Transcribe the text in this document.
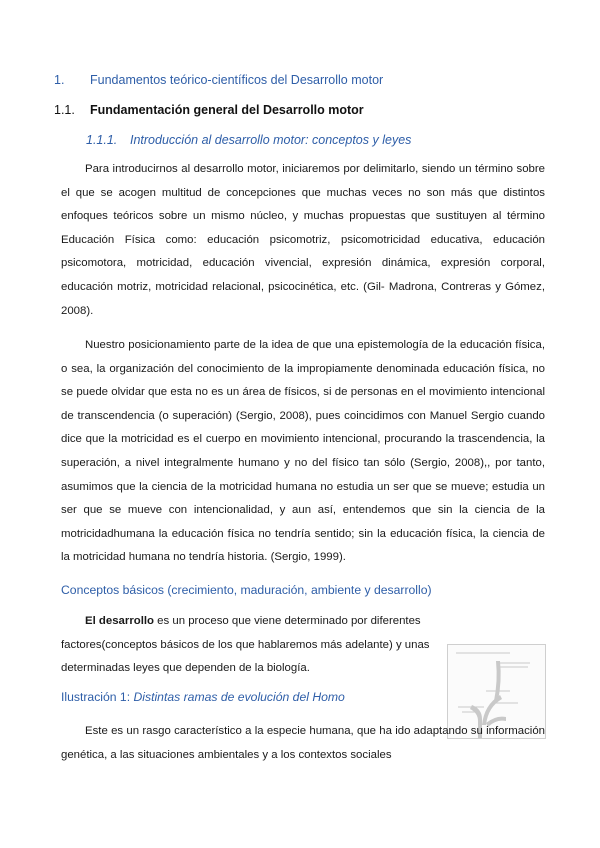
1. Fundamentos teórico-científicos del Desarrollo motor
1.1. Fundamentación general del Desarrollo motor
1.1.1. Introducción al desarrollo motor: conceptos y leyes

Para introducirnos al desarrollo motor, iniciaremos por delimitarlo, siendo un término sobre el que se acogen multitud de concepciones que muchas veces no son más que distintos enfoques teóricos sobre un mismo núcleo, y muchas propuestas que sustituyen al término Educación Física como: educación psicomotriz, psicomotricidad educativa, educación psicomotora, motricidad, educación vivencial, expresión dinámica, expresión corporal, educación motriz, motricidad relacional, psicocinética, etc. (Gil- Madrona, Contreras y Gómez, 2008).

Nuestro posicionamiento parte de la idea de que una epistemología de la educación física, o sea, la organización del conocimiento de la impropiamente denominada educación física, no se puede olvidar que esta no es un área de físicos, si de personas en el movimiento intencional de transcendencia (o superación) (Sergio, 2008), pues coincidimos con Manuel Sergio cuando dice que la motricidad es el cuerpo en movimiento intencional, procurando la trascendencia, la superación, a nivel integralmente humano y no del físico tan sólo (Sergio, 2008),, por tanto, asumimos que la ciencia de la motricidad humana no estudia un ser que se mueve; estudia un ser que se mueve con intencionalidad, y aun así, entendemos que sin la ciencia de la motricidadhumana la educación física no tendría sentido; sin la educación física, la ciencia de la motricidad humana no tendría historia. (Sergio, 1999).

Conceptos básicos (crecimiento, maduración, ambiente y desarrollo)

El desarrollo es un proceso que viene determinado por diferentes factores(conceptos básicos de los que hablaremos más adelante) y unas determinadas leyes que dependen de la biología.

Ilustración 1: Distintas ramas de evolución del Homo

Este es un rasgo característico a la especie humana, que ha ido adaptando su información genética, a las situaciones ambientales y a los contextos sociales
